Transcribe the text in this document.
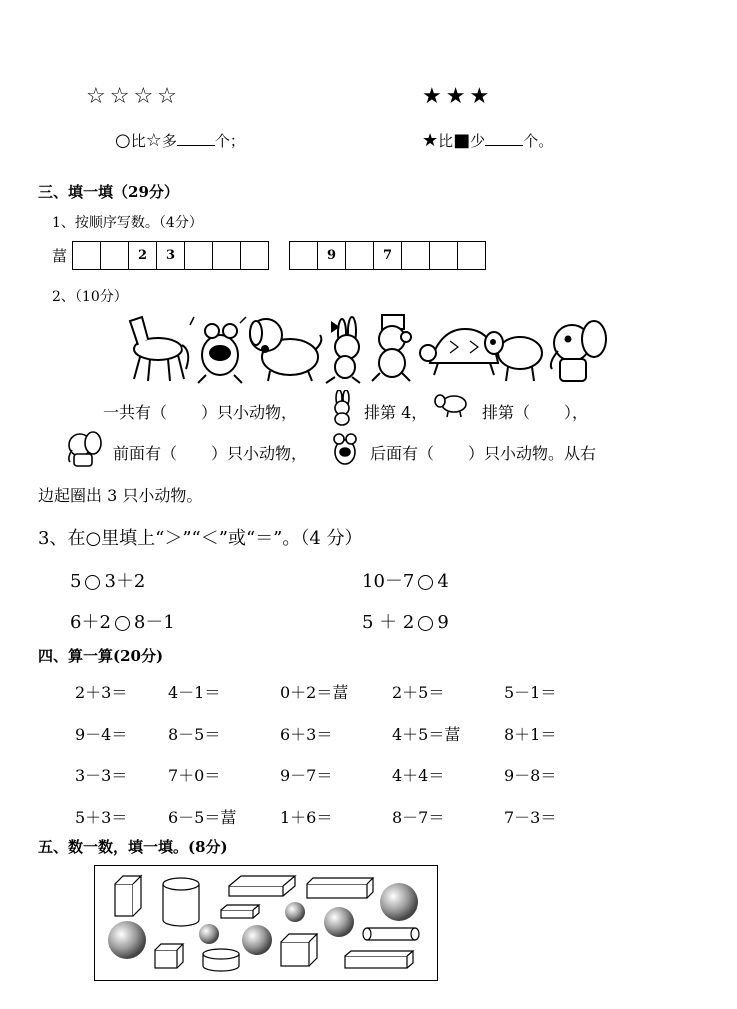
☆☆☆☆	★★★
○比☆多	个；	★比■少	个。
三、填一填（29分）
1、按顺序写数。（4分）
葍
			2	3			
		9		7			
2、（10分）
一共有（ ）只小动物，	排第 4，	排第（ ），
前面有（ ）只小动物，	后面有（ ）只小动物。从右
边起圈出 3 只小动物。
3、在○里填上“＞”“＜”或“＝”。（4 分）
5 3＋2	10－7 4
6＋2 8－1	5 ＋ 2 9
四、算一算(20分)
2＋3＝	4－1＝	0＋2＝葍	2＋5＝	5－1＝
9－4＝	8－5＝	6＋3＝	4＋5＝葍	8＋1＝
3－3＝	7＋0＝	9－7＝	4＋4＝	9－8＝
5＋3＝	6－5＝葍	1＋6＝	8－7＝	7－3＝
五、数一数，填一填。(8分)
